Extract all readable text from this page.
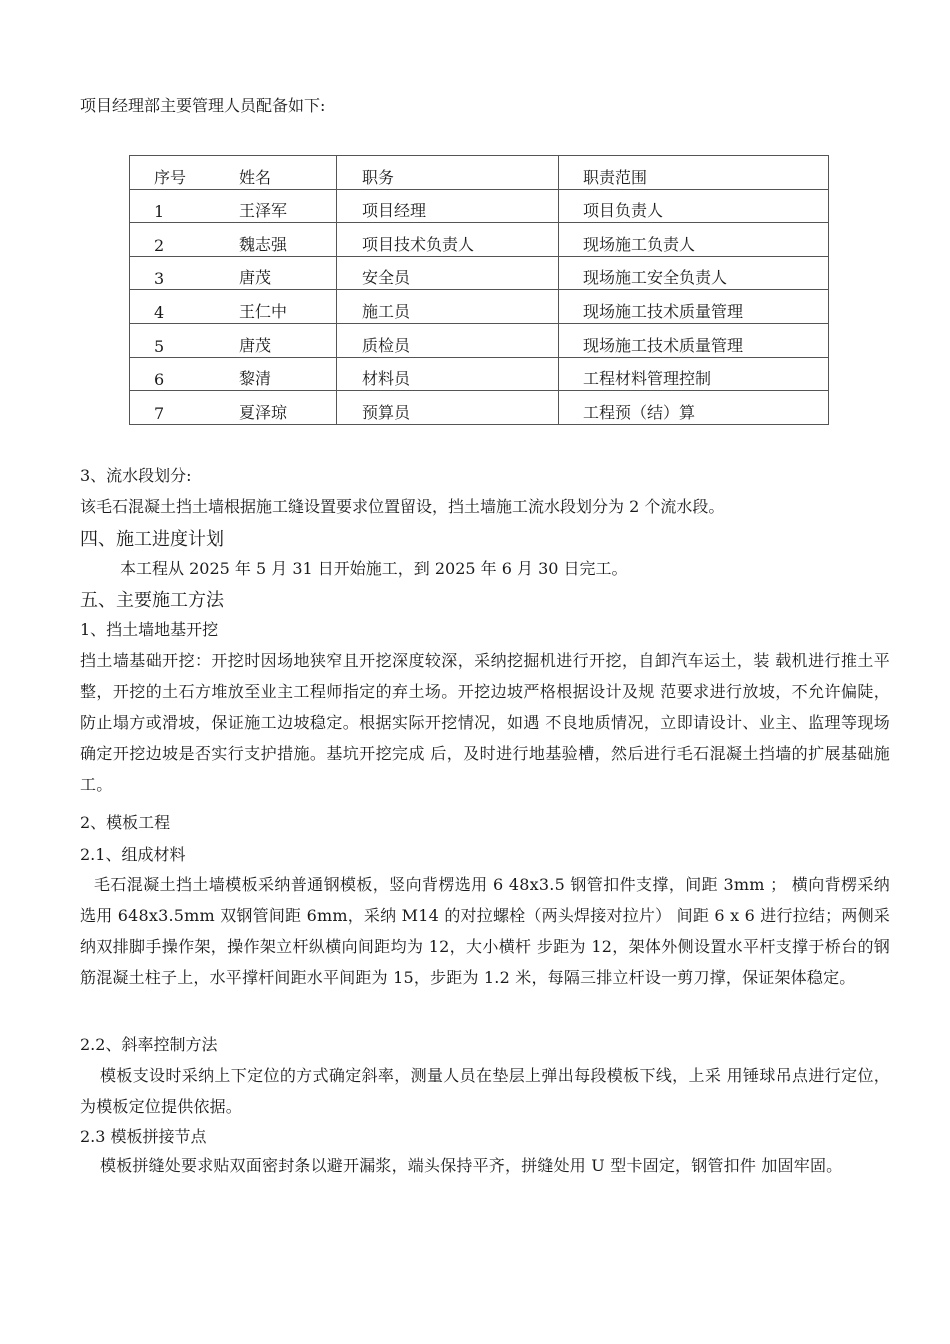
项目经理部主要管理人员配备如下:
序号	姓名	职务	职责范围
1	王泽军	项目经理	项目负责人
2	魏志强	项目技术负责人	现场施工负责人
3	唐茂	安全员	现场施工安全负责人
4	王仁中	施工员	现场施工技术质量管理
5	唐茂	质检员	现场施工技术质量管理
6	黎清	材料员	工程材料管理控制
7	夏泽琼	预算员	工程预（结）算
3、流水段划分:
该毛石混凝土挡土墙根据施工缝设置要求位置留设，挡土墙施工流水段划分为 2 个流水段。
四、施工进度计划
本工程从 2025 年 5 月 31 日开始施工，到 2025 年 6 月 30 日完工。
五、主要施工方法
1、挡土墙地基开挖
挡土墙基础开挖：开挖时因场地狭窄且开挖深度较深，采纳挖掘机进行开挖，自卸汽车运土，装 载机进行推土平整，开挖的土石方堆放至业主工程师指定的弃土场。开挖边坡严格根据设计及规 范要求进行放坡，不允许偏陡，防止塌方或滑坡，保证施工边坡稳定。根据实际开挖情况，如遇 不良地质情况，立即请设计、业主、监理等现场确定开挖边坡是否实行支护措施。基坑开挖完成 后，及时进行地基验槽，然后进行毛石混凝土挡墙的扩展基础施工。
2、模板工程
2.1、组成材料
毛石混凝土挡土墙模板采纳普通钢模板，竖向背楞选用 6 48x3.5 钢管扣件支撑，间距 3mm ； 横向背楞采纳选用 648x3.5mm 双钢管间距 6mm，采纳 M14 的对拉螺栓（两头焊接对拉片） 间距 6 x 6 进行拉结；两侧采纳双排脚手操作架，操作架立杆纵横向间距均为 12，大小横杆 步距为 12，架体外侧设置水平杆支撑于桥台的钢筋混凝土柱子上，水平撑杆间距水平间距为 15，步距为 1.2 米，每隔三排立杆设一剪刀撑，保证架体稳定。
2.2、斜率控制方法
模板支设时采纳上下定位的方式确定斜率，测量人员在垫层上弹出每段模板下线，上采 用锤球吊点进行定位，为模板定位提供依据。
2.3 模板拼接节点
模板拼缝处要求贴双面密封条以避开漏浆，端头保持平齐，拼缝处用 U 型卡固定，钢管扣件 加固牢固。
